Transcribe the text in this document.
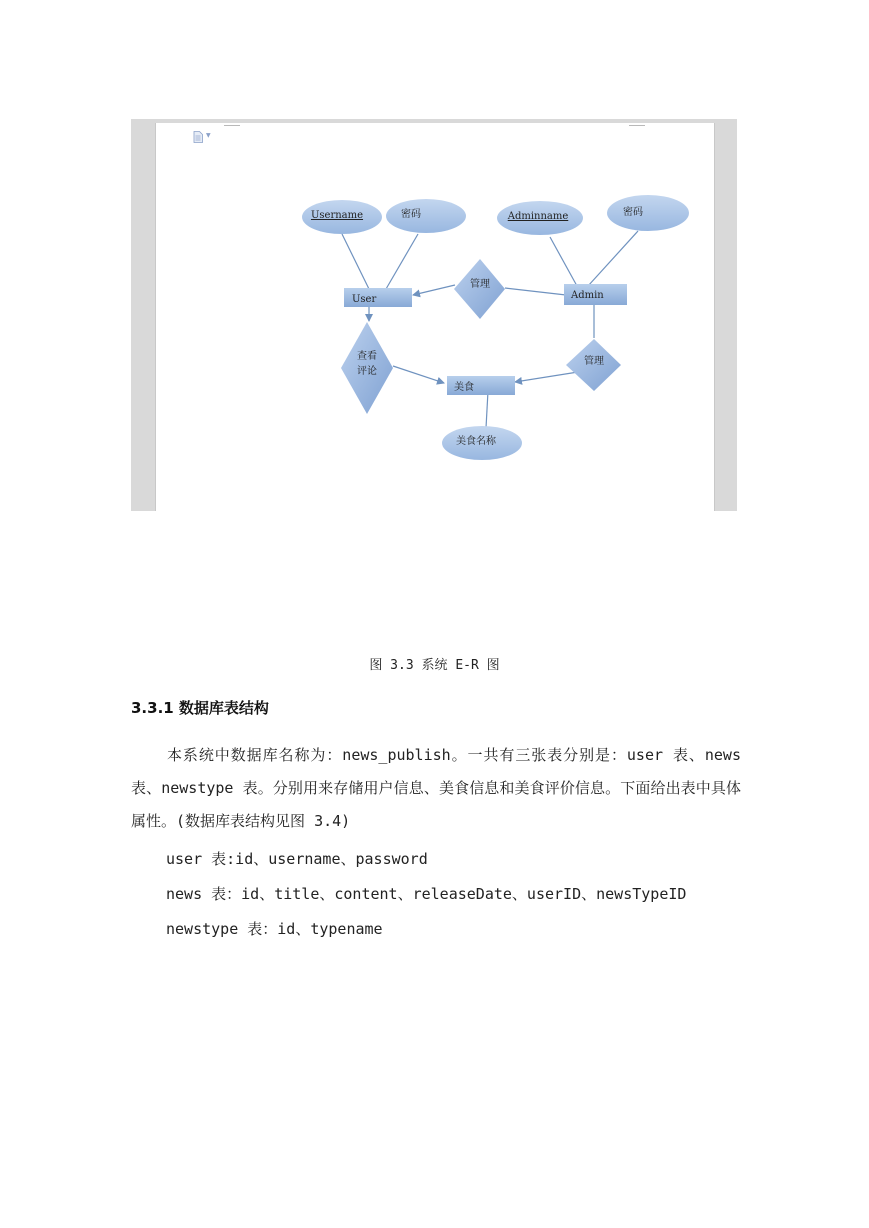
▼
Username	密码	Adminname	密码
美食名称
User	Admin
美食
管理
查看
评论
管理
图 3.3 系统 E-R 图
3.3.1 数据库表结构
本系统中数据库名称为：news_publish。一共有三张表分别是：user 表、news 表、newstype 表。分别用来存储用户信息、美食信息和美食评价信息。下面给出表中具体属性。(数据库表结构见图 3.4)
user 表:id、username、password
news 表：id、title、content、releaseDate、userID、newsTypeID
newstype 表：id、typename
